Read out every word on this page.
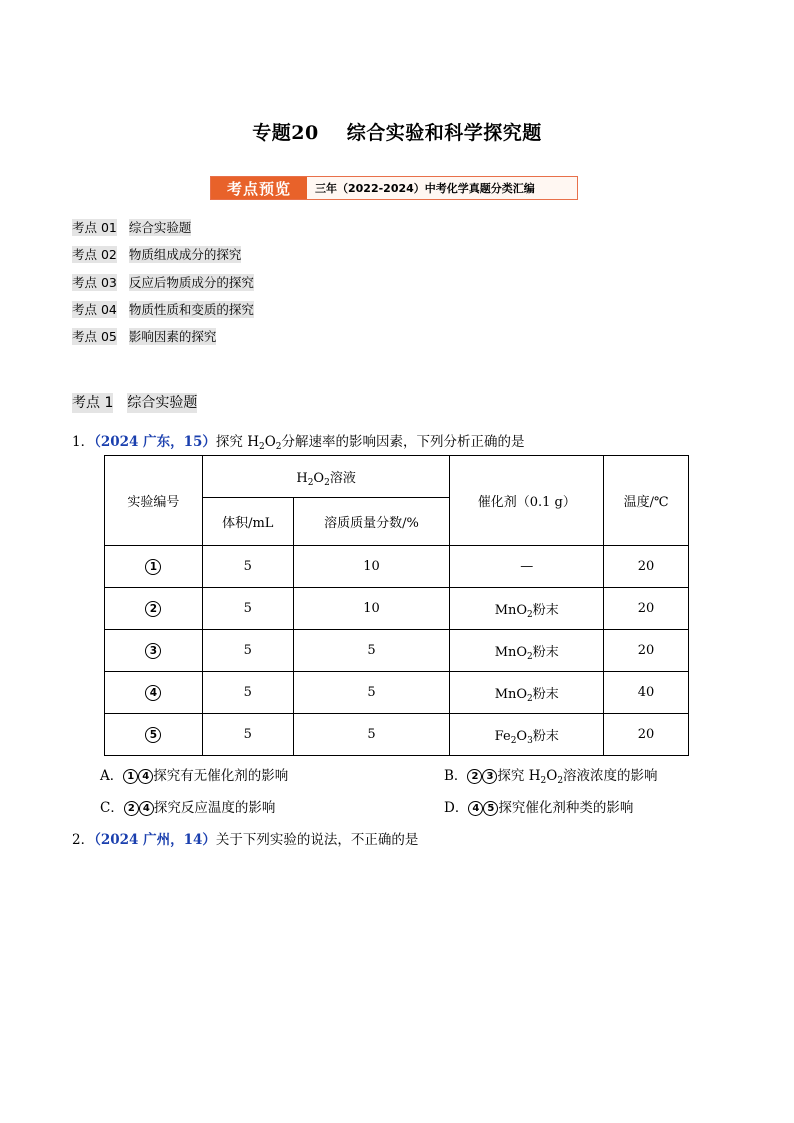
专题20 综合实验和科学探究题
考点预览	三年（2022-2024）中考化学真题分类汇编
考点 01 综合实验题
考点 02 物质组成成分的探究
考点 03 反应后物质成分的探究
考点 04 物质性质和变质的探究
考点 05 影响因素的探究
考点 1 综合实验题
1．（2024 广东，15）探究 $H_2O_2$分解速率的影响因素，下列分析正确的是
实验编号	$H_2O_2$溶液		催化剂（0.1 g）	温度/℃
	体积/mL	溶质质量分数/%		
1	5	10	—	20
2	5	10	MnO$_2$粉末	20
3	5	5	MnO$_2$粉末	20
4	5	5	MnO$_2$粉末	40
5	5	5	$Fe_2O_3$粉末	20
A． 1 4 探究有无催化剂的影响	B． 2 3 探究 $H_2O_2$溶液浓度的影响
C． 2 4 探究反应温度的影响	D． 4 5 探究催化剂种类的影响
2．（2024 广州，14）关于下列实验的说法，不正确的是
